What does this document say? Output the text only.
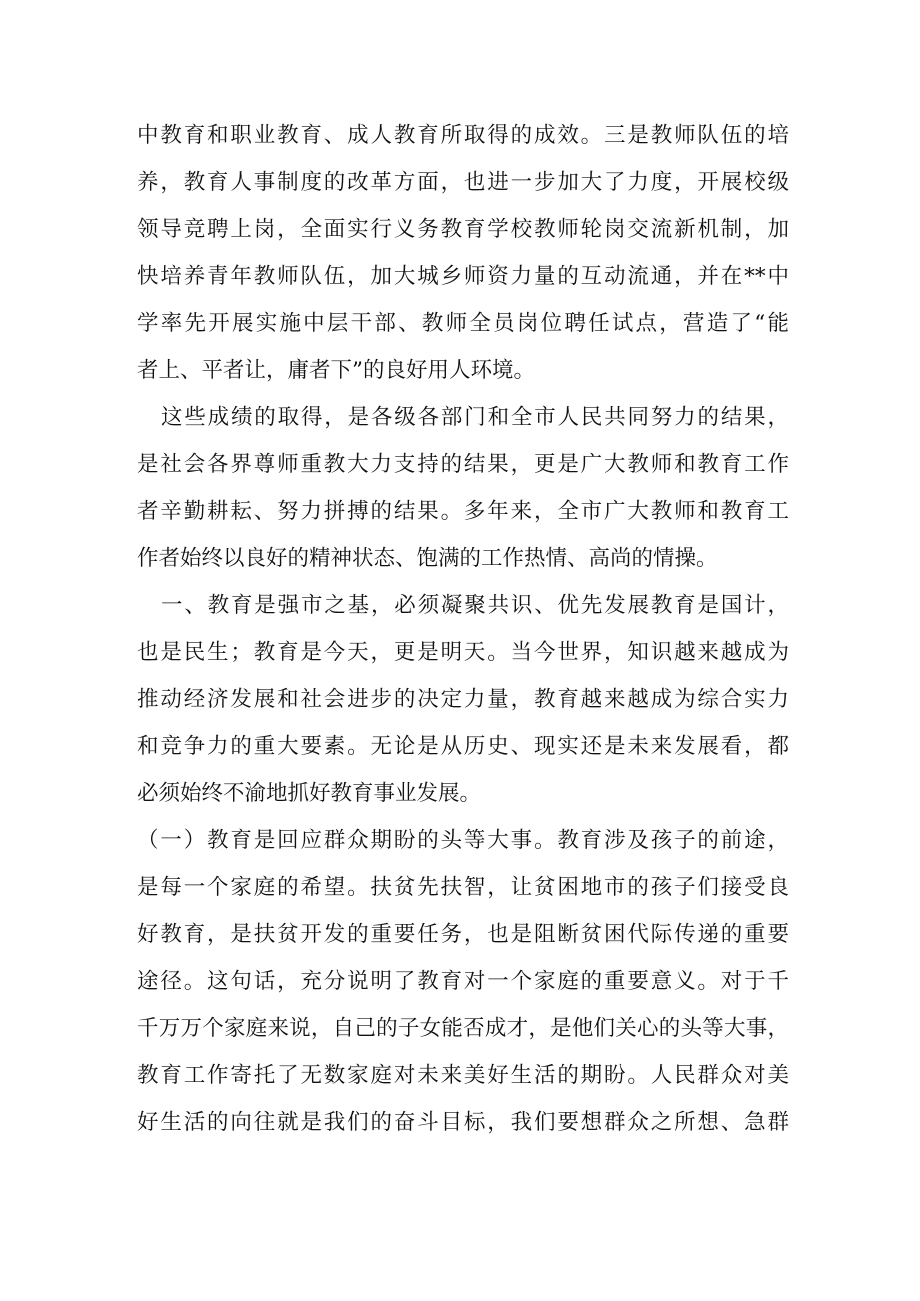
中教育和职业教育、成人教育所取得的成效。三是教师队伍的培
养，教育人事制度的改革方面，也进一步加大了力度，开展校级
领导竞聘上岗，全面实行义务教育学校教师轮岗交流新机制，加
快培养青年教师队伍，加大城乡师资力量的互动流通，并在**中
学率先开展实施中层干部、教师全员岗位聘任试点，营造了“能
者上、平者让，庸者下”的良好用人环境。
这些成绩的取得，是各级各部门和全市人民共同努力的结果，
是社会各界尊师重教大力支持的结果，更是广大教师和教育工作
者辛勤耕耘、努力拼搏的结果。多年来，全市广大教师和教育工
作者始终以良好的精神状态、饱满的工作热情、高尚的情操。
一、教育是强市之基，必须凝聚共识、优先发展教育是国计，
也是民生；教育是今天，更是明天。当今世界，知识越来越成为
推动经济发展和社会进步的决定力量，教育越来越成为综合实力
和竞争力的重大要素。无论是从历史、现实还是未来发展看，都
必须始终不渝地抓好教育事业发展。
（一）教育是回应群众期盼的头等大事。教育涉及孩子的前途，
是每一个家庭的希望。扶贫先扶智，让贫困地市的孩子们接受良
好教育，是扶贫开发的重要任务，也是阻断贫困代际传递的重要
途径。这句话，充分说明了教育对一个家庭的重要意义。对于千
千万万个家庭来说，自己的子女能否成才，是他们关心的头等大事，
教育工作寄托了无数家庭对未来美好生活的期盼。人民群众对美
好生活的向往就是我们的奋斗目标，我们要想群众之所想、急群
